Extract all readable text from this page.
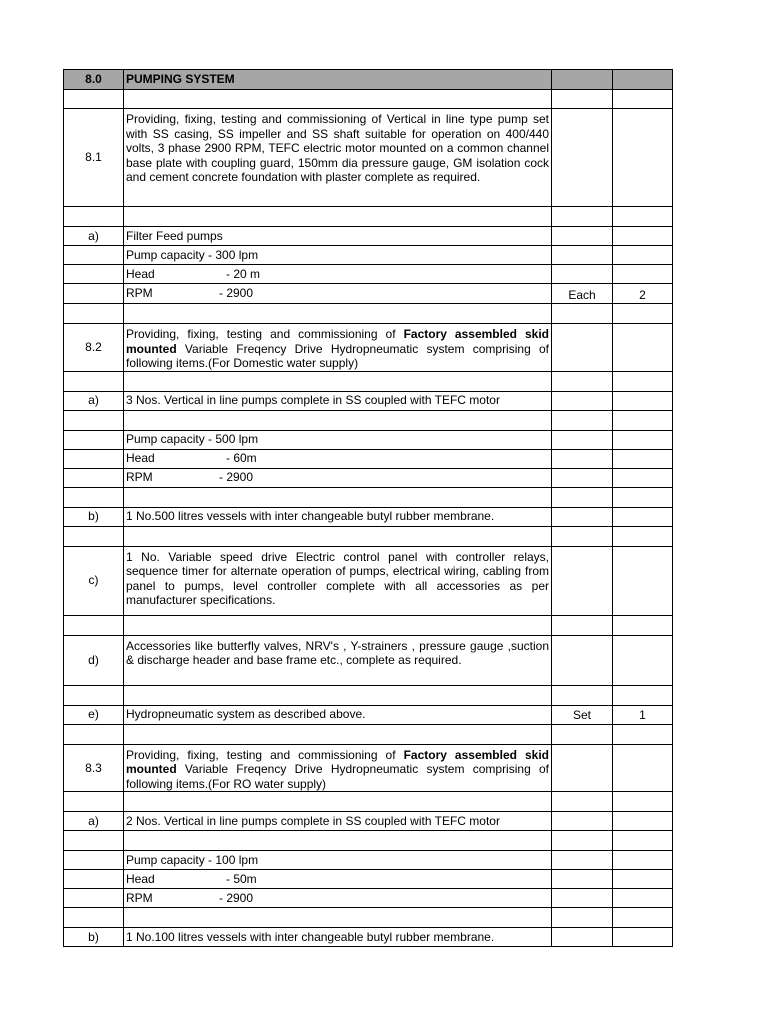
8.0	PUMPING SYSTEM		

8.1	Providing, fixing, testing and commissioning of Vertical in line type pump set with SS casing, SS impeller and SS shaft suitable for operation on 400/440 volts, 3 phase 2900 RPM, TEFC electric motor mounted on a common channel base plate with coupling guard, 150mm dia pressure gauge, GM isolation cock and cement concrete foundation with plaster complete as required.		

a)	Filter Feed pumps		
	Pump capacity - 300 lpm		
	Head - 20 m		
	RPM - 2900	Each	2

8.2	Providing, fixing, testing and commissioning of Factory assembled skid mounted Variable Freqency Drive Hydropneumatic system comprising of following items.(For Domestic water supply)		

a)	3 Nos. Vertical in line pumps complete in SS coupled with TEFC motor		

	Pump capacity - 500 lpm		
	Head - 60m		
	RPM - 2900		

b)	1 No.500 litres vessels with inter changeable butyl rubber membrane.		

c)	1 No. Variable speed drive Electric control panel with controller relays, sequence timer for alternate operation of pumps, electrical wiring, cabling from panel to pumps, level controller complete with all accessories as per manufacturer specifications.		

d)	Accessories like butterfly valves, NRV's , Y-strainers , pressure gauge ,suction & discharge header and base frame etc., complete as required.		

e)	Hydropneumatic system as described above.	Set	1

8.3	Providing, fixing, testing and commissioning of Factory assembled skid mounted Variable Freqency Drive Hydropneumatic system comprising of following items.(For RO water supply)		

a)	2 Nos. Vertical in line pumps complete in SS coupled with TEFC motor		

	Pump capacity - 100 lpm		
	Head - 50m		
	RPM - 2900		

b)	1 No.100 litres vessels with inter changeable butyl rubber membrane.		
